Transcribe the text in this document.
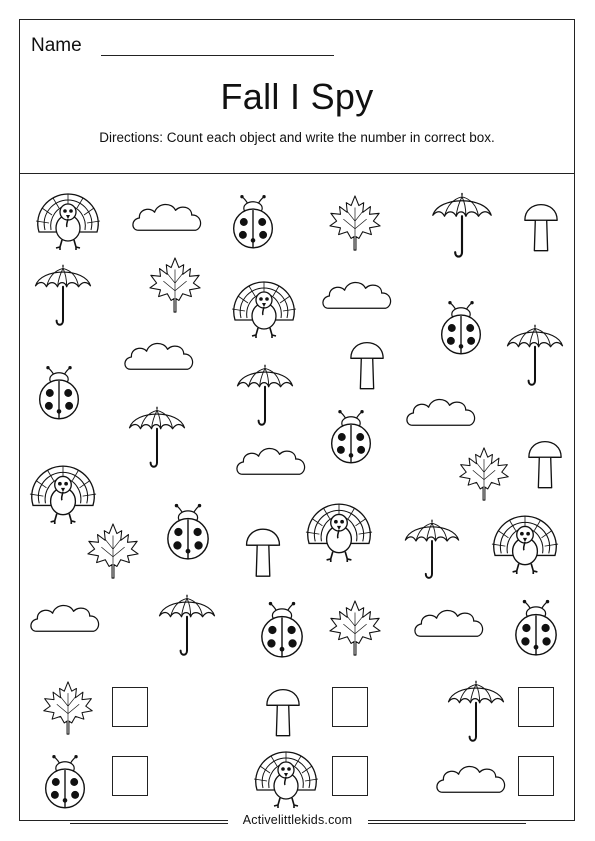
Name
Fall I Spy
Directions: Count each object and write the number in correct box.
Activelittlekids.com
